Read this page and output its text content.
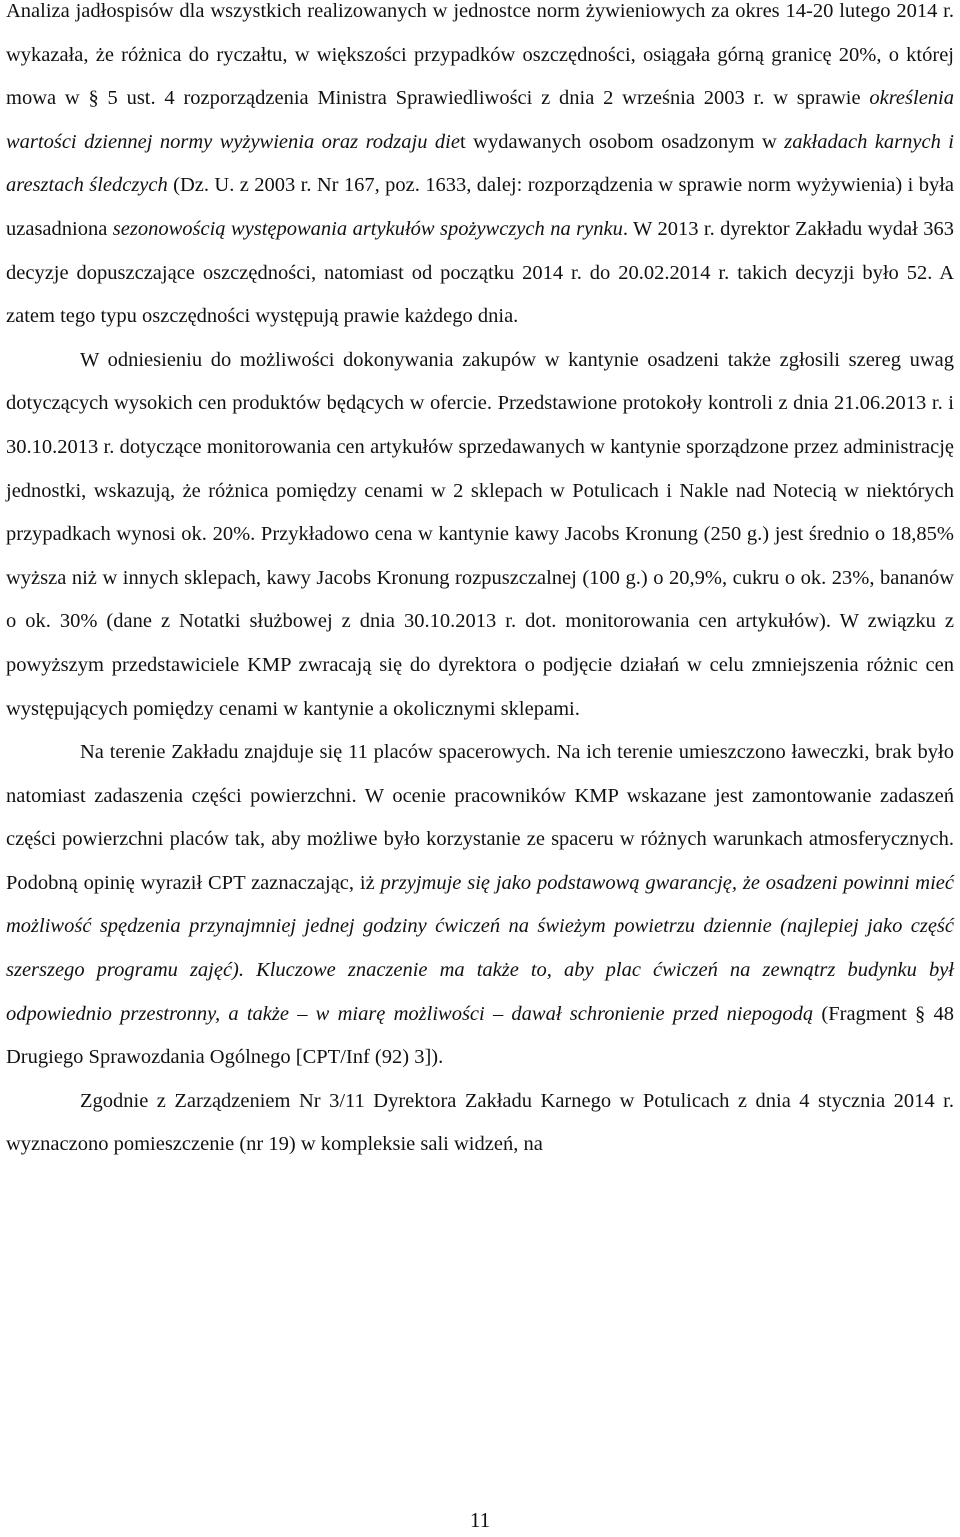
Analiza jadłospisów dla wszystkich realizowanych w jednostce norm żywieniowych za okres 14-20 lutego 2014 r. wykazała, że różnica do ryczałtu, w większości przypadków oszczędności, osiągała górną granicę 20%, o której mowa w § 5 ust. 4 rozporządzenia Ministra Sprawiedliwości z dnia 2 września 2003 r. w sprawie określenia wartości dziennej normy wyżywienia oraz rodzaju diet wydawanych osobom osadzonym w zakładach karnych i aresztach śledczych (Dz. U. z 2003 r. Nr 167, poz. 1633, dalej: rozporządzenia w sprawie norm wyżywienia) i była uzasadniona sezonowością występowania artykułów spożywczych na rynku. W 2013 r. dyrektor Zakładu wydał 363 decyzje dopuszczające oszczędności, natomiast od początku 2014 r. do 20.02.2014 r. takich decyzji było 52. A zatem tego typu oszczędności występują prawie każdego dnia.

W odniesieniu do możliwości dokonywania zakupów w kantynie osadzeni także zgłosili szereg uwag dotyczących wysokich cen produktów będących w ofercie. Przedstawione protokoły kontroli z dnia 21.06.2013 r. i 30.10.2013 r. dotyczące monitorowania cen artykułów sprzedawanych w kantynie sporządzone przez administrację jednostki, wskazują, że różnica pomiędzy cenami w 2 sklepach w Potulicach i Nakle nad Notecią w niektórych przypadkach wynosi ok. 20%. Przykładowo cena w kantynie kawy Jacobs Kronung (250 g.) jest średnio o 18,85% wyższa niż w innych sklepach, kawy Jacobs Kronung rozpuszczalnej (100 g.) o 20,9%, cukru o ok. 23%, bananów o ok. 30% (dane z Notatki służbowej z dnia 30.10.2013 r. dot. monitorowania cen artykułów). W związku z powyższym przedstawiciele KMP zwracają się do dyrektora o podjęcie działań w celu zmniejszenia różnic cen występujących pomiędzy cenami w kantynie a okolicznymi sklepami.

Na terenie Zakładu znajduje się 11 placów spacerowych. Na ich terenie umieszczono ławeczki, brak było natomiast zadaszenia części powierzchni. W ocenie pracowników KMP wskazane jest zamontowanie zadaszeń części powierzchni placów tak, aby możliwe było korzystanie ze spaceru w różnych warunkach atmosferycznych. Podobną opinię wyraził CPT zaznaczając, iż przyjmuje się jako podstawową gwarancję, że osadzeni powinni mieć możliwość spędzenia przynajmniej jednej godziny ćwiczeń na świeżym powietrzu dziennie (najlepiej jako część szerszego programu zajęć). Kluczowe znaczenie ma także to, aby plac ćwiczeń na zewnątrz budynku był odpowiednio przestronny, a także – w miarę możliwości – dawał schronienie przed niepogodą (Fragment § 48 Drugiego Sprawozdania Ogólnego [CPT/Inf (92) 3]).

Zgodnie z Zarządzeniem Nr 3/11 Dyrektora Zakładu Karnego w Potulicach z dnia 4 stycznia 2014 r. wyznaczono pomieszczenie (nr 19) w kompleksie sali widzeń, na

11
